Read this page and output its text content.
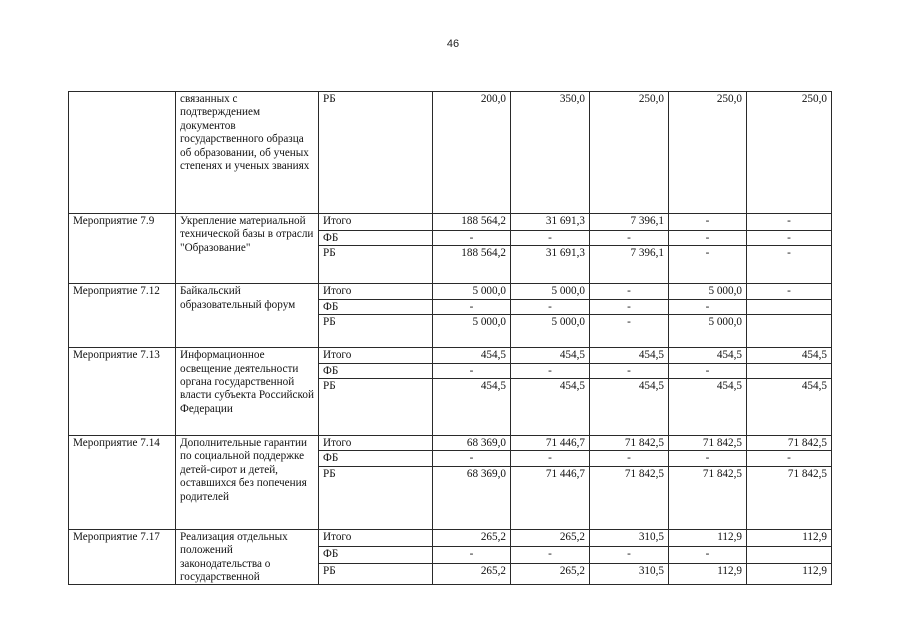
46
	связанных с подтверждением документов государственного образца об образовании, об ученых степенях и ученых званиях	РБ	200,0	350,0	250,0	250,0	250,0
Мероприятие 7.9	Укрепление материальной технической базы в отрасли "Образование"	Итого	188 564,2	31 691,3	7 396,1	-	-
		ФБ	-	-	-	-	-
		РБ	188 564,2	31 691,3	7 396,1	-	-
Мероприятие 7.12	Байкальский образовательный форум	Итого	5 000,0	5 000,0	-	5 000,0	-
		ФБ	-	-	-	-	
		РБ	5 000,0	5 000,0	-	5 000,0	
Мероприятие 7.13	Информационное освещение деятельности органа государственной власти субъекта Российской Федерации	Итого	454,5	454,5	454,5	454,5	454,5
		ФБ	-	-	-	-	
		РБ	454,5	454,5	454,5	454,5	454,5
Мероприятие 7.14	Дополнительные гарантии по социальной поддержке детей-сирот и детей, оставшихся без попечения родителей	Итого	68 369,0	71 446,7	71 842,5	71 842,5	71 842,5
		ФБ	-	-	-	-	-
		РБ	68 369,0	71 446,7	71 842,5	71 842,5	71 842,5
Мероприятие 7.17	Реализация отдельных положений законодательства о государственной	Итого	265,2	265,2	310,5	112,9	112,9
		ФБ	-	-	-	-	
		РБ	265,2	265,2	310,5	112,9	112,9
